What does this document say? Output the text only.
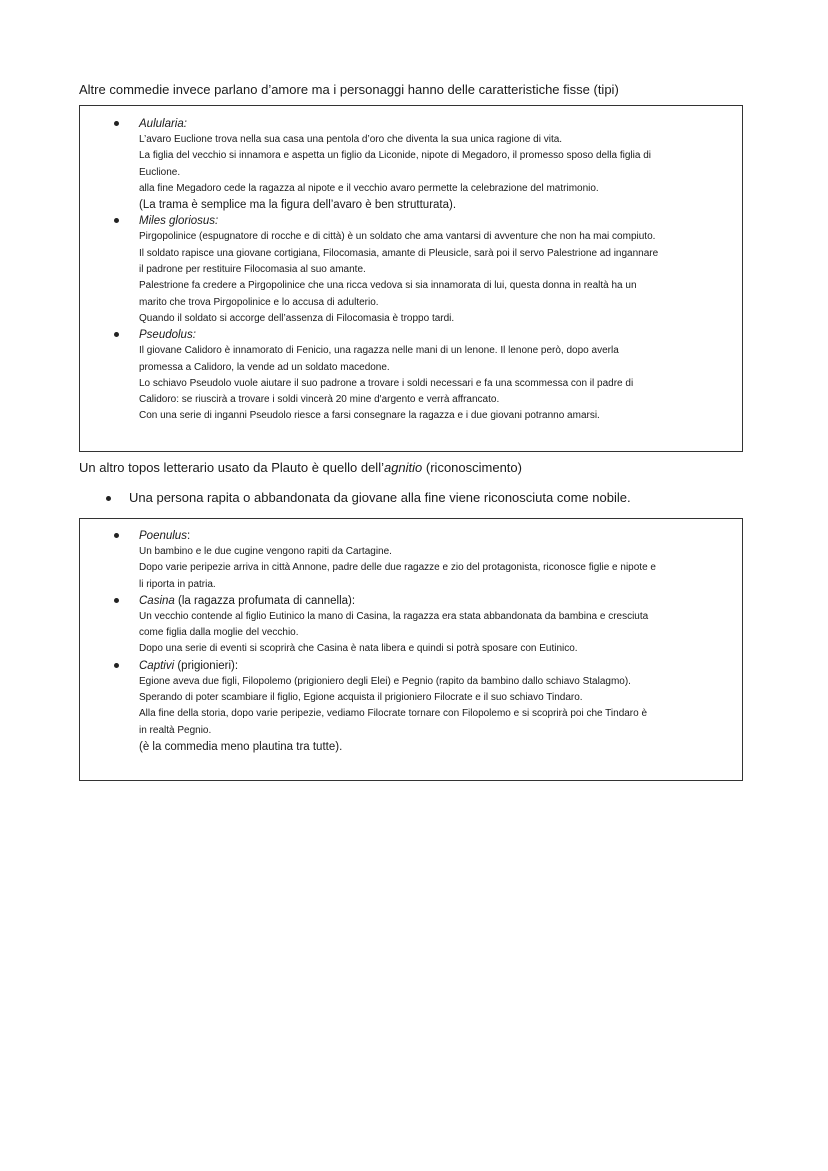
Altre commedie invece parlano d’amore ma i personaggi hanno delle caratteristiche fisse (tipi)
Aulularia:
L’avaro Euclione trova nella sua casa una pentola d’oro che diventa la sua unica ragione di vita.
La figlia del vecchio si innamora e aspetta un figlio da Liconide, nipote di Megadoro, il promesso sposo della figlia di
Euclione.
alla fine Megadoro cede la ragazza al nipote e il vecchio avaro permette la celebrazione del matrimonio.
(La trama è semplice ma la figura dell’avaro è ben strutturata).
Miles gloriosus:
Pirgopolinice (espugnatore di rocche e di città) è un soldato che ama vantarsi di avventure che non ha mai compiuto.
Il soldato rapisce una giovane cortigiana, Filocomasia, amante di Pleusicle, sarà poi il servo Palestrione ad ingannare
il padrone per restituire Filocomasia al suo amante.
Palestrione fa credere a Pirgopolinice che una ricca vedova si sia innamorata di lui, questa donna in realtà ha un
marito che trova Pirgopolinice e lo accusa di adulterio.
Quando il soldato si accorge dell’assenza di Filocomasia è troppo tardi.
Pseudolus:
Il giovane Calidoro è innamorato di Fenicio, una ragazza nelle mani di un lenone. Il lenone però, dopo averla
promessa a Calidoro, la vende ad un soldato macedone.
Lo schiavo Pseudolo vuole aiutare il suo padrone a trovare i soldi necessari e fa una scommessa con il padre di
Calidoro: se riuscirà a trovare i soldi vincerà 20 mine d'argento e verrà affrancato.
Con una serie di inganni Pseudolo riesce a farsi consegnare la ragazza e i due giovani potranno amarsi.
Un altro topos letterario usato da Plauto è quello dell’agnitio (riconoscimento)
Una persona rapita o abbandonata da giovane alla fine viene riconosciuta come nobile.
Poenulus:
Un bambino e le due cugine vengono rapiti da Cartagine.
Dopo varie peripezie arriva in città Annone, padre delle due ragazze e zio del protagonista, riconosce figlie e nipote e
li riporta in patria.
Casina (la ragazza profumata di cannella):
Un vecchio contende al figlio Eutinico la mano di Casina, la ragazza era stata abbandonata da bambina e cresciuta
come figlia dalla moglie del vecchio.
Dopo una serie di eventi si scoprirà che Casina è nata libera e quindi si potrà sposare con Eutinico.
Captivi (prigionieri):
Egione aveva due figli, Filopolemo (prigioniero degli Elei) e Pegnio (rapito da bambino dallo schiavo Stalagmo).
Sperando di poter scambiare il figlio, Egione acquista il prigioniero Filocrate e il suo schiavo Tindaro.
Alla fine della storia, dopo varie peripezie, vediamo Filocrate tornare con Filopolemo e si scoprirà poi che Tindaro è
in realtà Pegnio.
(è la commedia meno plautina tra tutte).
